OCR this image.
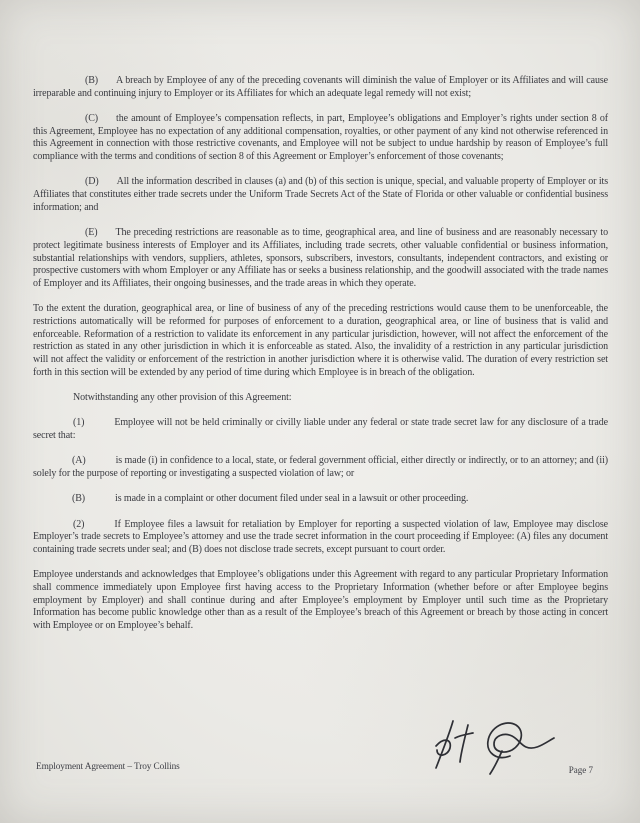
(B) A breach by Employee of any of the preceding covenants will diminish the value of Employer or its Affiliates and will cause irreparable and continuing injury to Employer or its Affiliates for which an adequate legal remedy will not exist;

(C) the amount of Employee’s compensation reflects, in part, Employee’s obligations and Employer’s rights under section 8 of this Agreement, Employee has no expectation of any additional compensation, royalties, or other payment of any kind not otherwise referenced in this Agreement in connection with those restrictive covenants, and Employee will not be subject to undue hardship by reason of Employee’s full compliance with the terms and conditions of section 8 of this Agreement or Employer’s enforcement of those covenants;

(D) All the information described in clauses (a) and (b) of this section is unique, special, and valuable property of Employer or its Affiliates that constitutes either trade secrets under the Uniform Trade Secrets Act of the State of Florida or other valuable or confidential business information; and

(E) The preceding restrictions are reasonable as to time, geographical area, and line of business and are reasonably necessary to protect legitimate business interests of Employer and its Affiliates, including trade secrets, other valuable confidential or business information, substantial relationships with vendors, suppliers, athletes, sponsors, subscribers, investors, consultants, independent contractors, and existing or prospective customers with whom Employer or any Affiliate has or seeks a business relationship, and the goodwill associated with the trade names of Employer and its Affiliates, their ongoing businesses, and the trade areas in which they operate.

To the extent the duration, geographical area, or line of business of any of the preceding restrictions would cause them to be unenforceable, the restrictions automatically will be reformed for purposes of enforcement to a duration, geographical area, or line of business that is valid and enforceable. Reformation of a restriction to validate its enforcement in any particular jurisdiction, however, will not affect the enforcement of the restriction as stated in any other jurisdiction in which it is enforceable as stated. Also, the invalidity of a restriction in any particular jurisdiction will not affect the validity or enforcement of the restriction in another jurisdiction where it is otherwise valid. The duration of every restriction set forth in this section will be extended by any period of time during which Employee is in breach of the obligation.

Notwithstanding any other provision of this Agreement:

(1)	Employee will not be held criminally or civilly liable under any federal or state trade secret law for any disclosure of a trade secret that:

(A)	is made (i) in confidence to a local, state, or federal government official, either directly or indirectly, or to an attorney; and (ii) solely for the purpose of reporting or investigating a suspected violation of law; or

(B)	is made in a complaint or other document filed under seal in a lawsuit or other proceeding.

(2)	If Employee files a lawsuit for retaliation by Employer for reporting a suspected violation of law, Employee may disclose Employer’s trade secrets to Employee’s attorney and use the trade secret information in the court proceeding if Employee: (A) files any document containing trade secrets under seal; and (B) does not disclose trade secrets, except pursuant to court order.

Employee understands and acknowledges that Employee’s obligations under this Agreement with regard to any particular Proprietary Information shall commence immediately upon Employee first having access to the Proprietary Information (whether before or after Employee begins employment by Employer) and shall continue during and after Employee’s employment by Employer until such time as the Proprietary Information has become public knowledge other than as a result of the Employee’s breach of this Agreement or breach by those acting in concert with Employee or on Employee’s behalf.

Employment Agreement – Troy Collins	Page 7
